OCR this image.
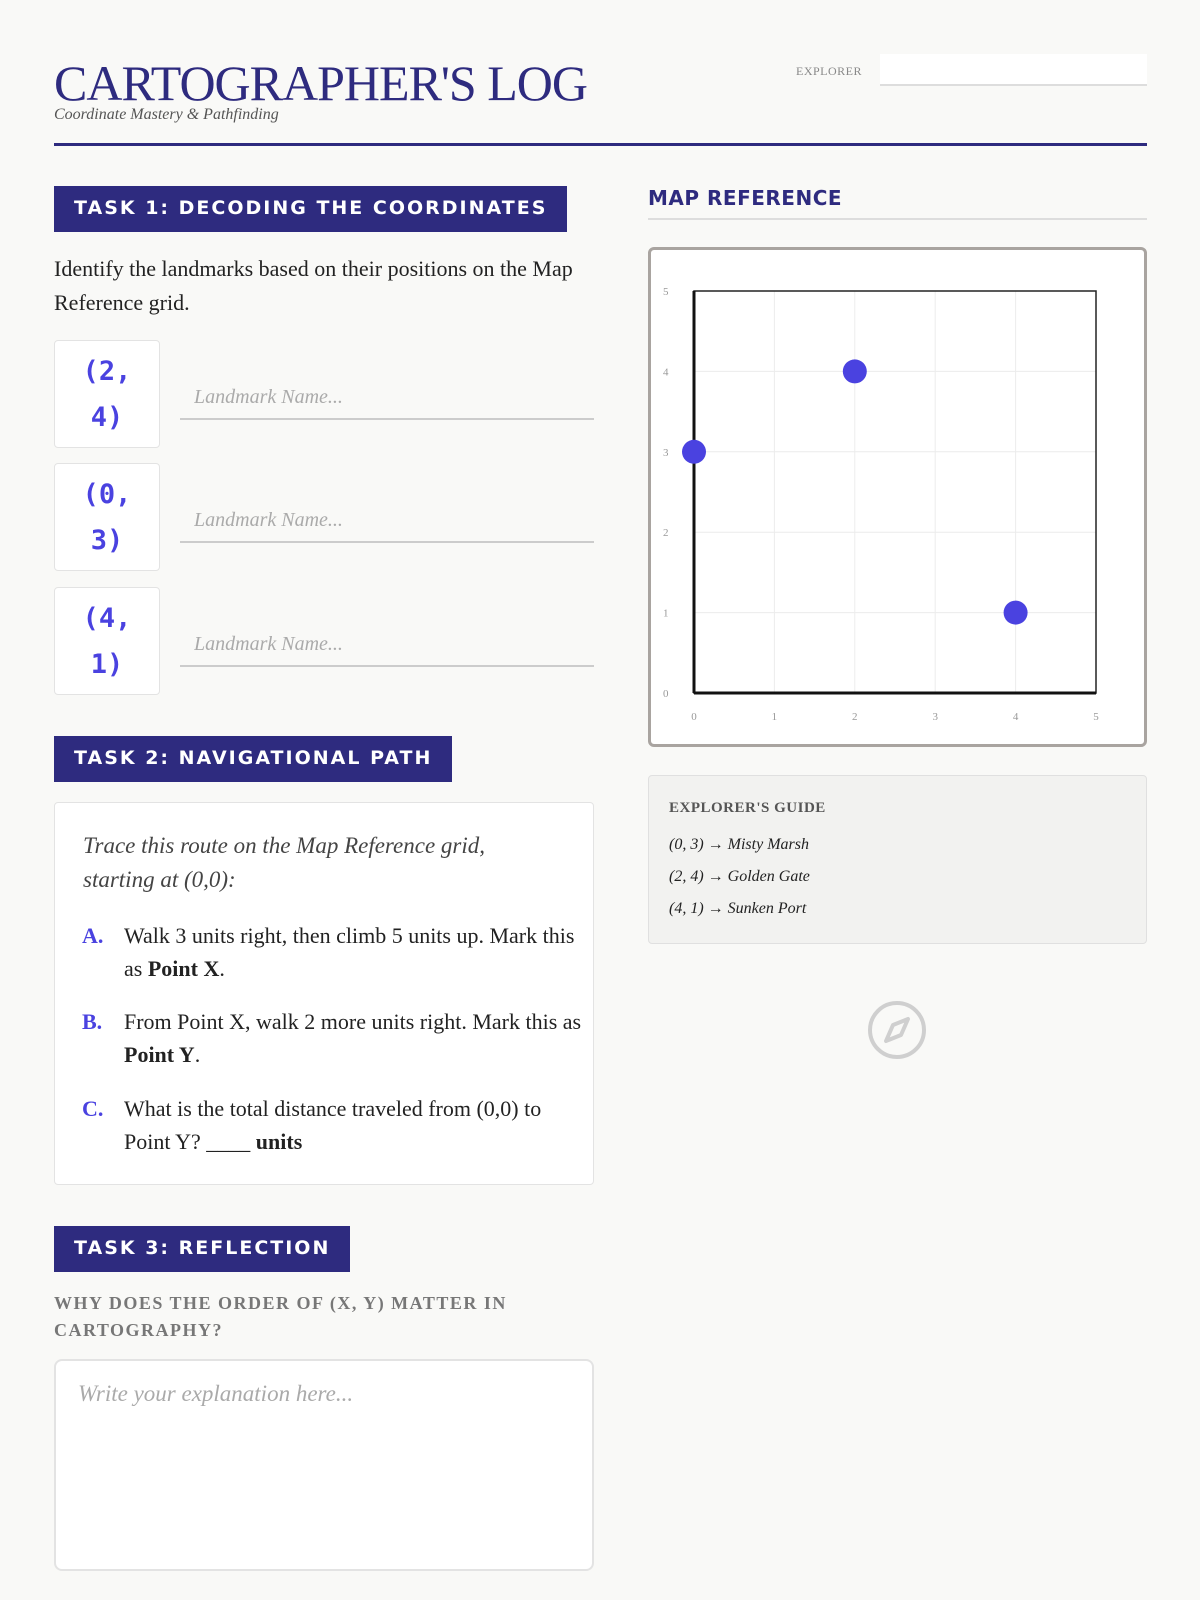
CARTOGRAPHER'S LOG
Coordinate Mastery & Pathfinding
EXPLORER
TASK 1: DECODING THE COORDINATES
Identify the landmarks based on their positions on the Map Reference grid.
(2, 4)
Landmark Name...
(0, 3)
Landmark Name...
(4, 1)
Landmark Name...
TASK 2: NAVIGATIONAL PATH
Trace this route on the Map Reference grid, starting at (0,0):
A. Walk 3 units right, then climb 5 units up. Mark this as Point X.
B. From Point X, walk 2 more units right. Mark this as Point Y.
C. What is the total distance traveled from (0,0) to Point Y? ____ units
TASK 3: REFLECTION
WHY DOES THE ORDER OF (X, Y) MATTER IN CARTOGRAPHY?
Write your explanation here...
MAP REFERENCE
0	1	2	3	4	5
0
1
2
3
4
5
EXPLORER'S GUIDE
(0, 3) → Misty Marsh
(2, 4) → Golden Gate
(4, 1) → Sunken Port
